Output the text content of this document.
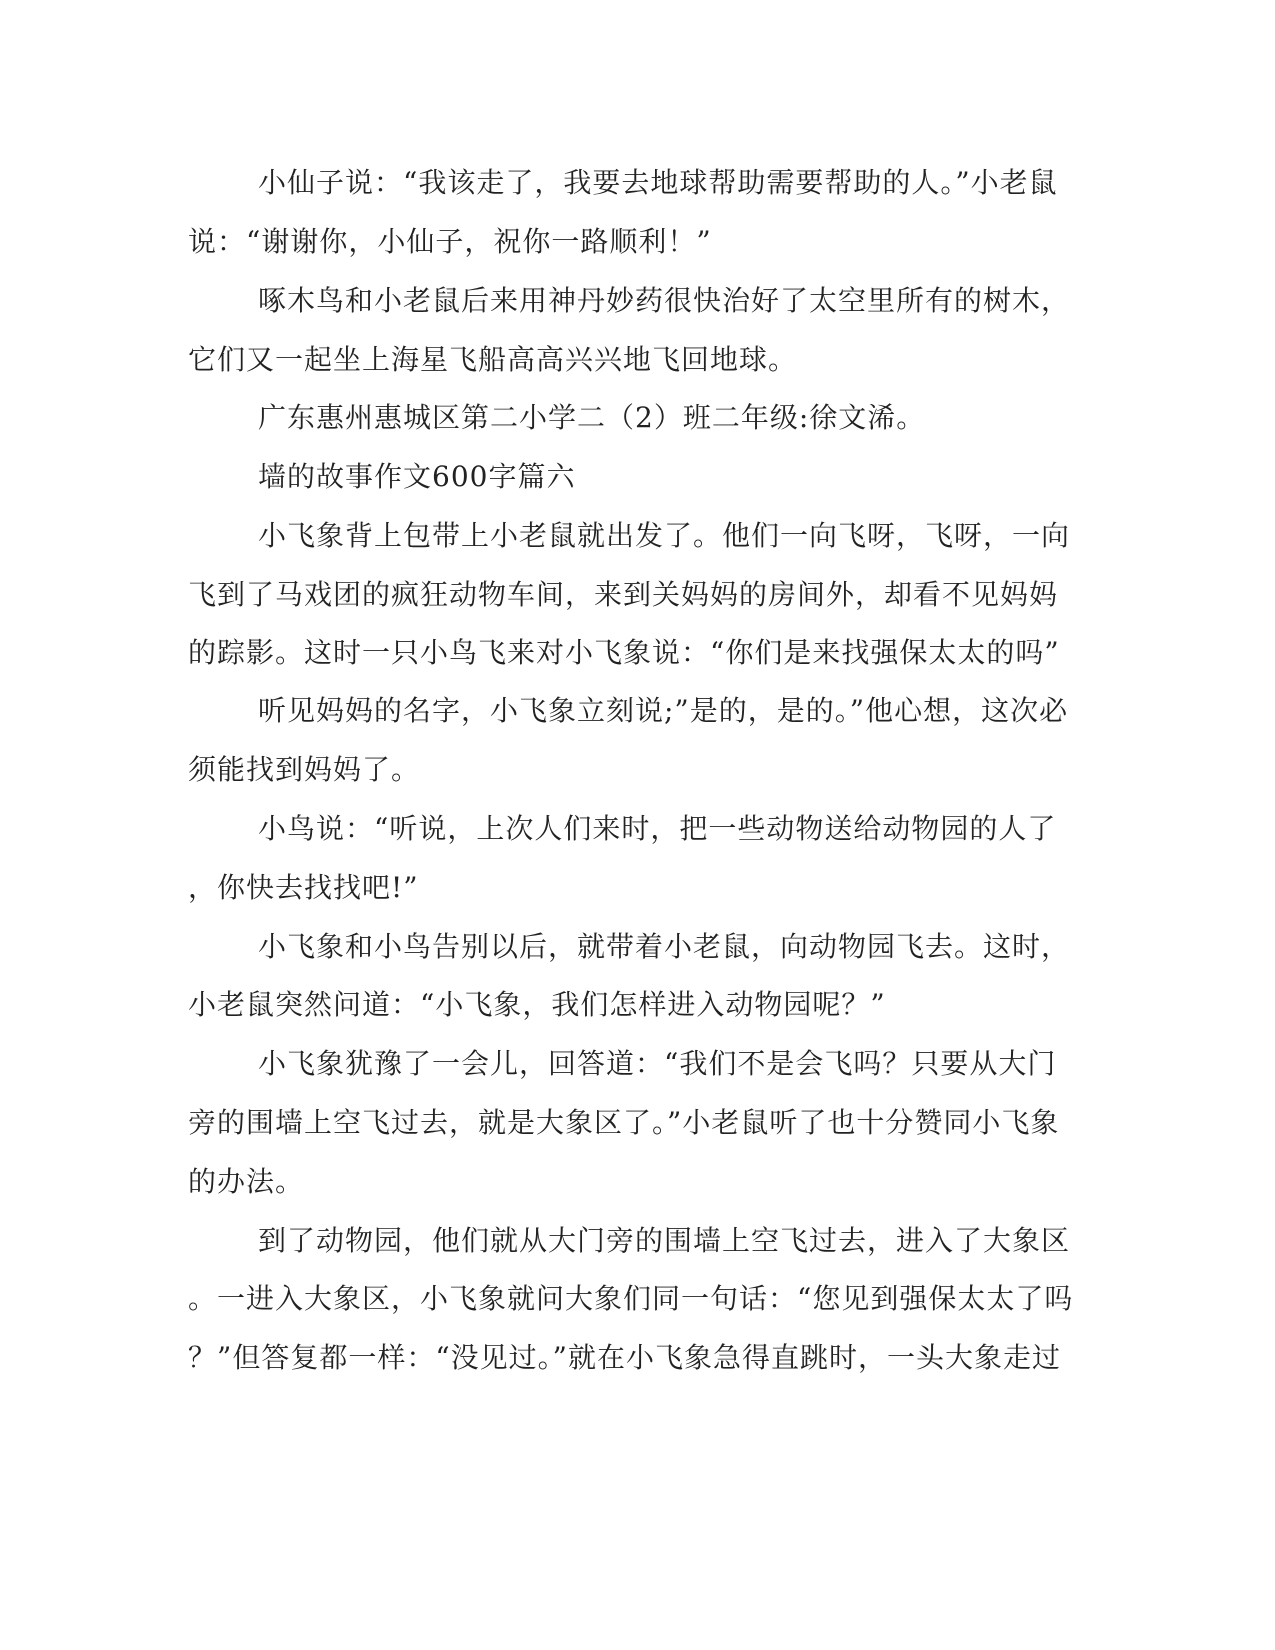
小仙子说：“我该走了，我要去地球帮助需要帮助的人。”小老鼠
说：“谢谢你，小仙子，祝你一路顺利！”
啄木鸟和小老鼠后来用神丹妙药很快治好了太空里所有的树木，
它们又一起坐上海星飞船高高兴兴地飞回地球。
广东惠州惠城区第二小学二（2）班二年级:徐文浠。
墙的故事作文600字篇六
小飞象背上包带上小老鼠就出发了。他们一向飞呀，飞呀，一向
飞到了马戏团的疯狂动物车间，来到关妈妈的房间外，却看不见妈妈
的踪影。这时一只小鸟飞来对小飞象说：“你们是来找强保太太的吗”
听见妈妈的名字，小飞象立刻说;”是的，是的。”他心想，这次必
须能找到妈妈了。
小鸟说：“听说，上次人们来时，把一些动物送给动物园的人了
，你快去找找吧!”
小飞象和小鸟告别以后，就带着小老鼠，向动物园飞去。这时，
小老鼠突然问道：“小飞象，我们怎样进入动物园呢？”
小飞象犹豫了一会儿，回答道：“我们不是会飞吗？只要从大门
旁的围墙上空飞过去，就是大象区了。”小老鼠听了也十分赞同小飞象
的办法。
到了动物园，他们就从大门旁的围墙上空飞过去，进入了大象区
。一进入大象区，小飞象就问大象们同一句话：“您见到强保太太了吗
？”但答复都一样：“没见过。”就在小飞象急得直跳时，一头大象走过
